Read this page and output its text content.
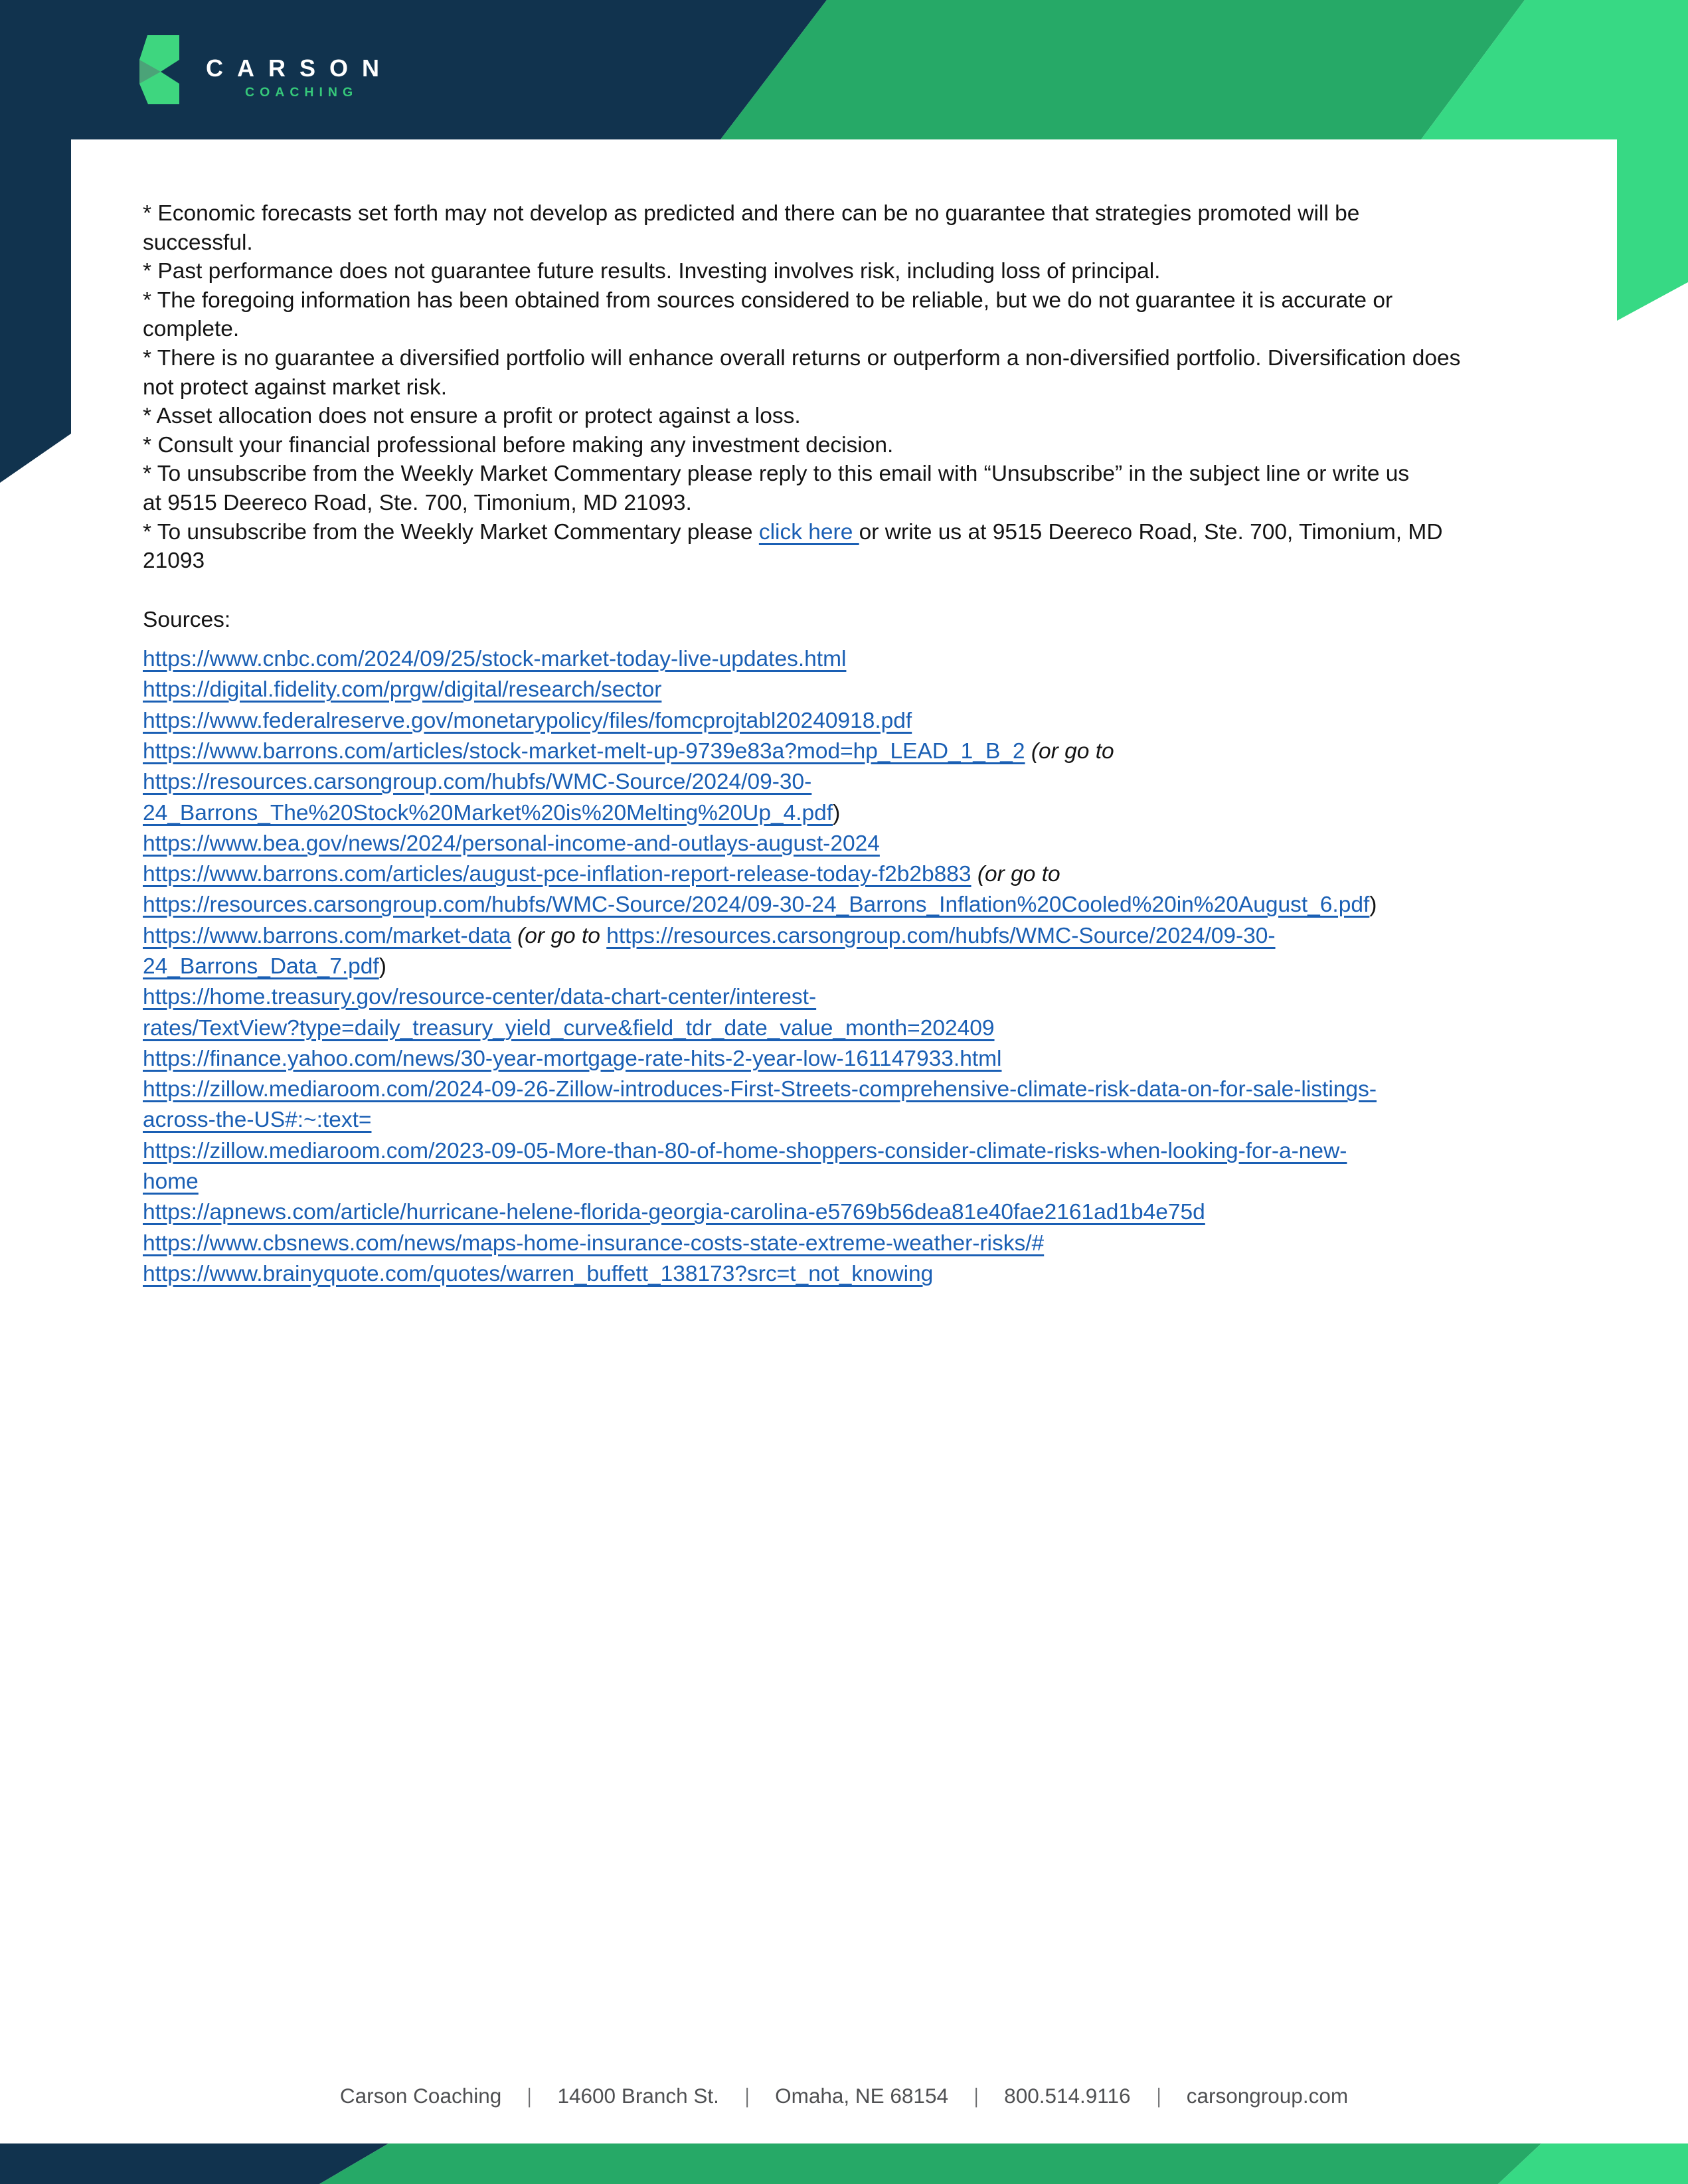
CARSON
COACHING
* Economic forecasts set forth may not develop as predicted and there can be no guarantee that strategies promoted will be
successful.
* Past performance does not guarantee future results. Investing involves risk, including loss of principal.
* The foregoing information has been obtained from sources considered to be reliable, but we do not guarantee it is accurate or
complete.
* There is no guarantee a diversified portfolio will enhance overall returns or outperform a non-diversified portfolio. Diversification does
not protect against market risk.
* Asset allocation does not ensure a profit or protect against a loss.
* Consult your financial professional before making any investment decision.
* To unsubscribe from the Weekly Market Commentary please reply to this email with “Unsubscribe” in the subject line or write us
at 9515 Deereco Road, Ste. 700, Timonium, MD 21093.
* To unsubscribe from the Weekly Market Commentary please click here or write us at 9515 Deereco Road, Ste. 700, Timonium, MD
21093
Sources:
https://www.cnbc.com/2024/09/25/stock-market-today-live-updates.html
https://digital.fidelity.com/prgw/digital/research/sector
https://www.federalreserve.gov/monetarypolicy/files/fomcprojtabl20240918.pdf
https://www.barrons.com/articles/stock-market-melt-up-9739e83a?mod=hp_LEAD_1_B_2 (or go to
https://resources.carsongroup.com/hubfs/WMC-Source/2024/09-30-
24_Barrons_The%20Stock%20Market%20is%20Melting%20Up_4.pdf)
https://www.bea.gov/news/2024/personal-income-and-outlays-august-2024
https://www.barrons.com/articles/august-pce-inflation-report-release-today-f2b2b883 (or go to
https://resources.carsongroup.com/hubfs/WMC-Source/2024/09-30-24_Barrons_Inflation%20Cooled%20in%20August_6.pdf)
https://www.barrons.com/market-data (or go to https://resources.carsongroup.com/hubfs/WMC-Source/2024/09-30-
24_Barrons_Data_7.pdf)
https://home.treasury.gov/resource-center/data-chart-center/interest-
rates/TextView?type=daily_treasury_yield_curve&field_tdr_date_value_month=202409
https://finance.yahoo.com/news/30-year-mortgage-rate-hits-2-year-low-161147933.html
https://zillow.mediaroom.com/2024-09-26-Zillow-introduces-First-Streets-comprehensive-climate-risk-data-on-for-sale-listings-
across-the-US#:~:text=
https://zillow.mediaroom.com/2023-09-05-More-than-80-of-home-shoppers-consider-climate-risks-when-looking-for-a-new-
home
https://apnews.com/article/hurricane-helene-florida-georgia-carolina-e5769b56dea81e40fae2161ad1b4e75d
https://www.cbsnews.com/news/maps-home-insurance-costs-state-extreme-weather-risks/#
https://www.brainyquote.com/quotes/warren_buffett_138173?src=t_not_knowing
Carson Coaching | 14600 Branch St. | Omaha, NE 68154 | 800.514.9116 | carsongroup.com
